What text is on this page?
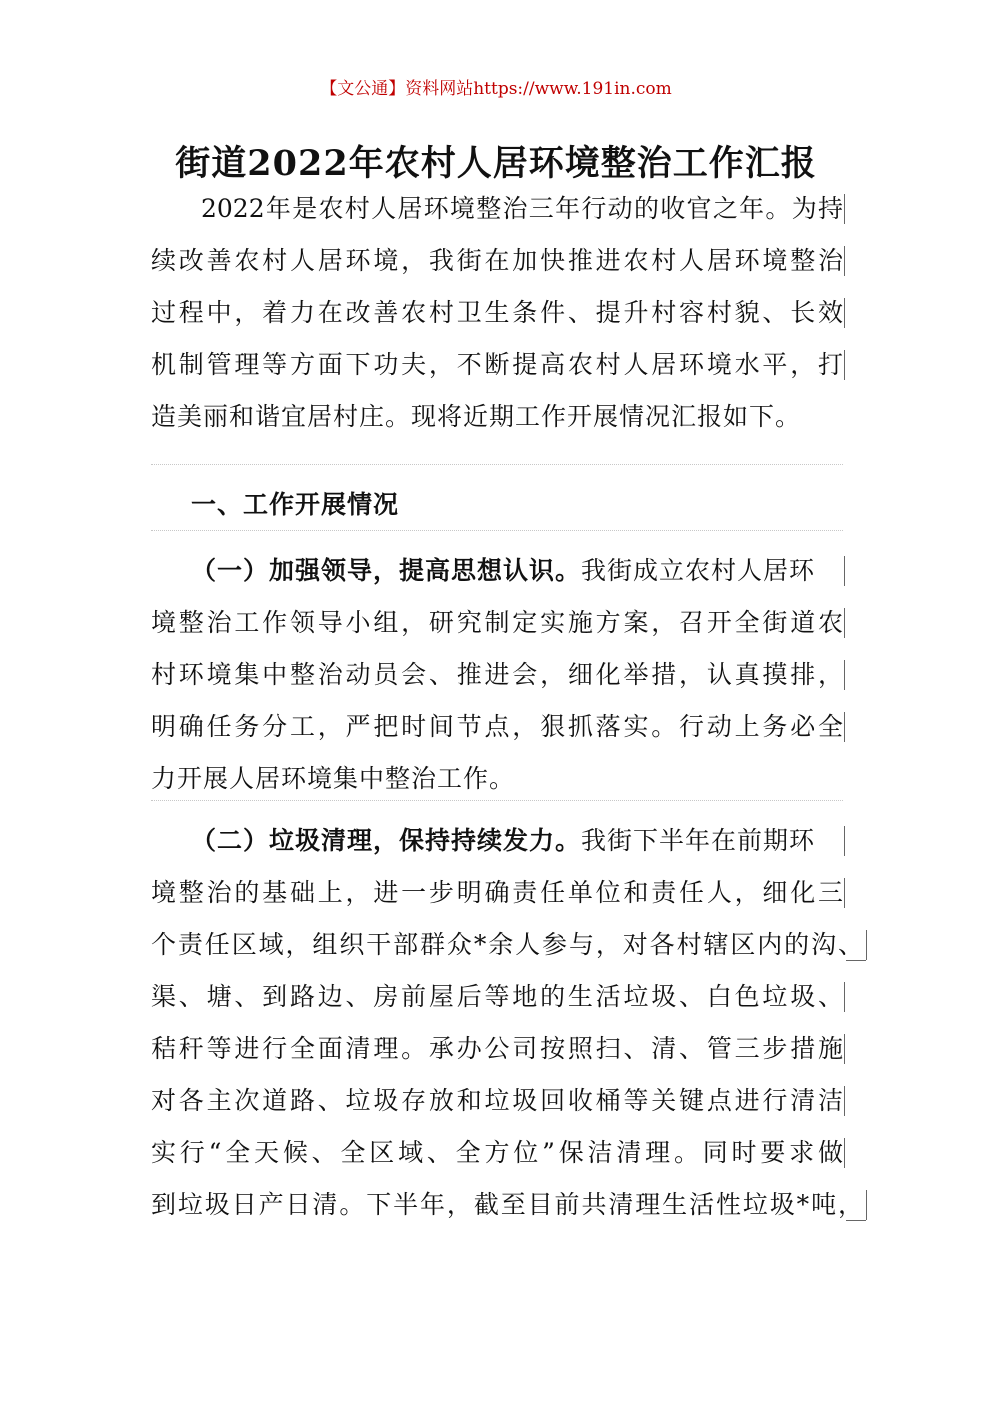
【文公通】资料网站https://www.191in.com
街道2022年农村人居环境整治工作汇报
2022年是农村人居环境整治三年行动的收官之年。为持
续改善农村人居环境，我街在加快推进农村人居环境整治
过程中，着力在改善农村卫生条件、提升村容村貌、长效
机制管理等方面下功夫，不断提高农村人居环境水平，打
造美丽和谐宜居村庄。现将近期工作开展情况汇报如下。
一、工作开展情况
（一）加强领导，提高思想认识。我街成立农村人居环
境整治工作领导小组，研究制定实施方案，召开全街道农
村环境集中整治动员会、推进会，细化举措，认真摸排，
明确任务分工，严把时间节点，狠抓落实。行动上务必全
力开展人居环境集中整治工作。
（二）垃圾清理，保持持续发力。我街下半年在前期环
境整治的基础上，进一步明确责任单位和责任人，细化三
个责任区域，组织干部群众*余人参与，对各村辖区内的沟、
渠、塘、到路边、房前屋后等地的生活垃圾、白色垃圾、
秸秆等进行全面清理。承办公司按照扫、清、管三步措施
对各主次道路、垃圾存放和垃圾回收桶等关键点进行清洁
实行“全天候、全区域、全方位”保洁清理。同时要求做
到垃圾日产日清。下半年，截至目前共清理生活性垃圾*吨，
